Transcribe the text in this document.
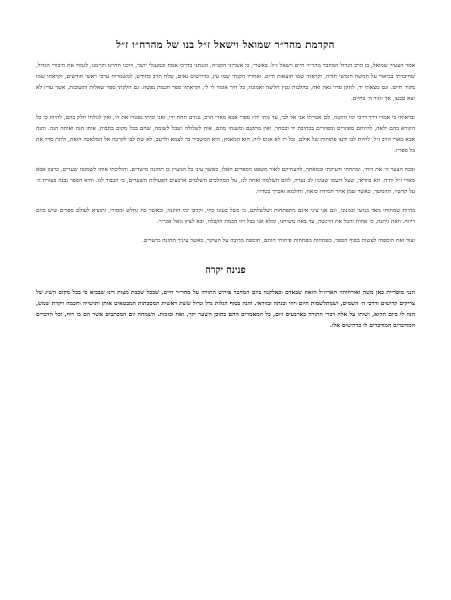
הקדמת מהר״ר שמואל וישאל ז״ל בנו של מהרח״ו ז״ל

אמר הצעיר שמואל, בן הרב הגדול המחבר מהר״ר חיים וישאל ז״ל. באשרי, כי אשרוני הקב״ה, הגנתני בדרכי אמת ובמעגלי יושר, וזיכני החיינו וקיימנו, לגמור את חיבורי הגדול, שחיברתי בביאור על חמשה חומשי תורה, וקראתי שמו תוצאות חיים. ואחריו הקנתי שמו עץ, בדרושים נאים, שלח תרב בחודש, למשמרות ערבי ראשי חודשים, וקראתי שמו מקור חיים. וגם מצאתי יד, לתקן סדר נאה ואח, בהלכות גטין חליצה ואמונה, כל חיך אומר לי לי, וקראתיו ספר חכמת נפשה. גם חלקתי ספר שאלות ותשובות, אשר עדין לא יצא טבעו, אך יגזור ה׳ בחיים.

ובראותי כי אמרי דרך דרכי ימי הזקנה, לכן אמרתי אני אל לבי, עד מתי יהיו ספרי אבא מארי הרב, גנוזים תחת ידי, ואני וביתי נפטרו את ה׳, ואין לגולחו חלק בהם, להיות כי כל הקורא בהם ילאה, להיותם מפוזרים ומפוזרים בכתיבת יד ובסתר, ואין מתקנם ומשנהו מהם, אות לשלולה ושבל לשומה, שהם בכל מקום בתבות, אותו הנה ואותה הנה. והנה אבא מארי הרב ז״ל, להיות לבו ודעו פתוחות של אולם, וכל רז לא אניס ליה, הוא המאמץ, הוא המשביר בר לצמא ולרעב, לא שת לבו לקרבה אל המלאכה הזאת, ולתת סדר את כל ספריו.

ובכח הצער ה׳ את רוחי, ומתחתי ודעיקתי ובמאתר, להעתיקם לאור משפט הספרים האלו, כאשר עיני כל המעיין כן תחזנה מישרים. והוליכתי אותו לשמונה שערים, כרצון אבא מארי ז״ל ותיה. הא בוודאי, שעל השמו שעיניו לב נערה, לתם השלמה ואתה לנו, על המהלכים השלמים ארבעים הפעולות השערים, בי הכבוד לנו. והיא הספר נבנה בעזרת ה׳ על קדשיו, ההמשך, כאשר שמן אחר חמידה כזאת, וחולמא ואכרך בסדרו.

בהיות שמתותי מאד בגושי ובמנוני, וגם אני עיני אינם מתפתחות ושלשלתם, כי כשל בעונו כחי, וקרבו ימי הזקנה, וכאשר כח נחלש ומסורי, ותוציא לעולם ספרים שיש בהם ריווח. וזאת ניתנה, כי אחות והכל את הרגשה, עד באה משיחנו, ומלא אני בבל ויוו חכמת הקבלה, ובא לציון גואל אכי״ר.

ועוד זאת הוספתי לעשות בסוף הספר, מפתחות מפתחות פיתוחי חותם, תוספת מרובה על העיקר, כאשר עיניך תחזנה מישרים.

פנינה יקרה

הנני מוסריית כאן משה ואורחותיי האריז״ל הזאת שבאדם ובאלקנה ביום המחבר פירוש התורה על מהר״ר חיים, שבכל שכבת מצות דינו שבביא כי בכל מקום השיג של צדיקים קדושים ודרכי ה׳ השמים, ושמתלשמות היום ויחי ובנתה ובוודאי. והנה בסוף הגלות גדל וגדול ששת ראשית המסכתות המבטאים אותן ותושייה וחכמה ויקרת שמש, הנה לו ביום ההוא, ושותו על אלה דברי התורה בארבעים ויום, כל המאמרים ההם בתוכן השער יקר, ואח ובזכות. השמחה יום המכתבים אשר הם בו רוח, וכל הדברים המודברים המודברים לו בדרושים אלו.
